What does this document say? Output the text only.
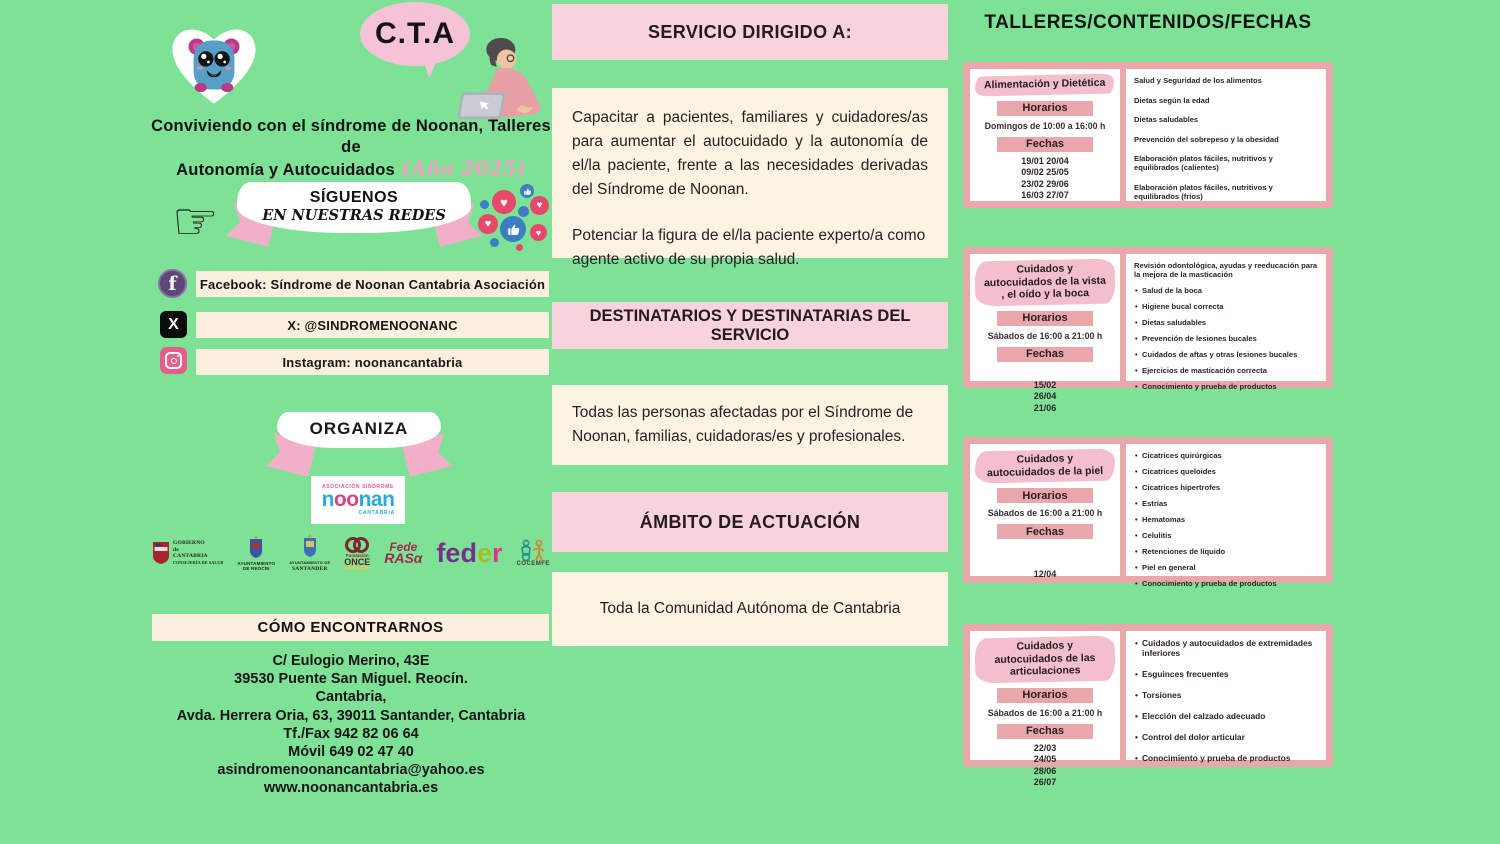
C.T.A
Conviviendo con el síndrome de Noonan, Talleres de
Autonomía y Autocuidados (Año 2025)
☞	SÍGUENOS
EN NUESTRAS REDES
♥	♥
♥
♥
f Facebook: Síndrome de Noonan Cantabria Asociación
X	X: @SINDROMENOONANC
Instagram: noonancantabria
ORGANIZA
ASOCIACIÓN SÍNDROME
noonan
CANTABRIA
GOBIERNO
de
CANTABRIA
CONSEJERÍA DE SALUD	AYUNTAMIENTO
DE REOCÍN
AYUNTAMIENTO DE
SANTANDER
Fundación
ONCE
Fede
RASα feder COCEMFE
CÓMO ENCONTRARNOS
C/ Eulogio Merino, 43E
39530 Puente San Miguel. Reocín.
Cantabria,
Avda. Herrera Oria, 63, 39011 Santander, Cantabria
Tf./Fax 942 82 06 64
Móvil 649 02 47 40
asindromenoonancantabria@yahoo.es
www.noonancantabria.es
SERVICIO DIRIGIDO A:

Capacitar a pacientes, familiares y cuidadores/as para aumentar el autocuidado y la autonomía de el/la paciente, frente a las necesidades derivadas del Síndrome de Noonan.

Potenciar la figura de el/la paciente experto/a como agente activo de su propia salud.

DESTINATARIOS Y DESTINATARIAS DEL SERVICIO

Todas las personas afectadas por el Síndrome de Noonan, familias, cuidadoras/es y profesionales.

ÁMBITO DE ACTUACIÓN

Toda la Comunidad Autónoma de Cantabria

TALLERES/CONTENIDOS/FECHAS
Alimentación y Dietética
Horarios
Domingos de 10:00 a 16:00 h
Fechas
19/01 20/04
09/02 25/05
23/02 29/06
16/03 27/07
Salud y Seguridad de los alimentos
Dietas según la edad
Dietas saludables
Prevención del sobrepeso y la obesidad
Elaboración platos fáciles, nutritivos y equilibrados (calientes)
Elaboración platos fáciles, nutritivos y equilibrados (fríos)
Cuidados y autocuidados de la vista , el oído y la boca
Horarios
Sábados de 16:00 a 21:00 h
Fechas
15/02
26/04
21/06
Revisión odontológica, ayudas y reeducación para la mejora de la masticación
• Salud de la boca
• Higiene bucal correcta
• Dietas saludables
• Prevención de lesiones bucales
• Cuidados de aftas y otras lesiones bucales
• Ejercicios de masticación correcta
• Conocimiento y prueba de productos
Cuidados y autocuidados de la piel
Horarios
Sábados de 16:00 a 21:00 h
Fechas
12/04
• Cicatrices quirúrgicas
• Cicatrices queloides
• Cicatrices hipertrofes
• Estrías
• Hematomas
• Celulitis
• Retenciones de líquido
• Piel en general
• Conocimiento y prueba de productos
Cuidados y autocuidados de las articulaciones
Horarios
Sábados de 16:00 a 21:00 h
Fechas
22/03
24/05
28/06
26/07
• Cuidados y autocuidados de extremidades inferiores
• Esguinces frecuentes
• Torsiones
• Elección del calzado adecuado
• Control del dolor articular
• Conocimiento y prueba de productos
